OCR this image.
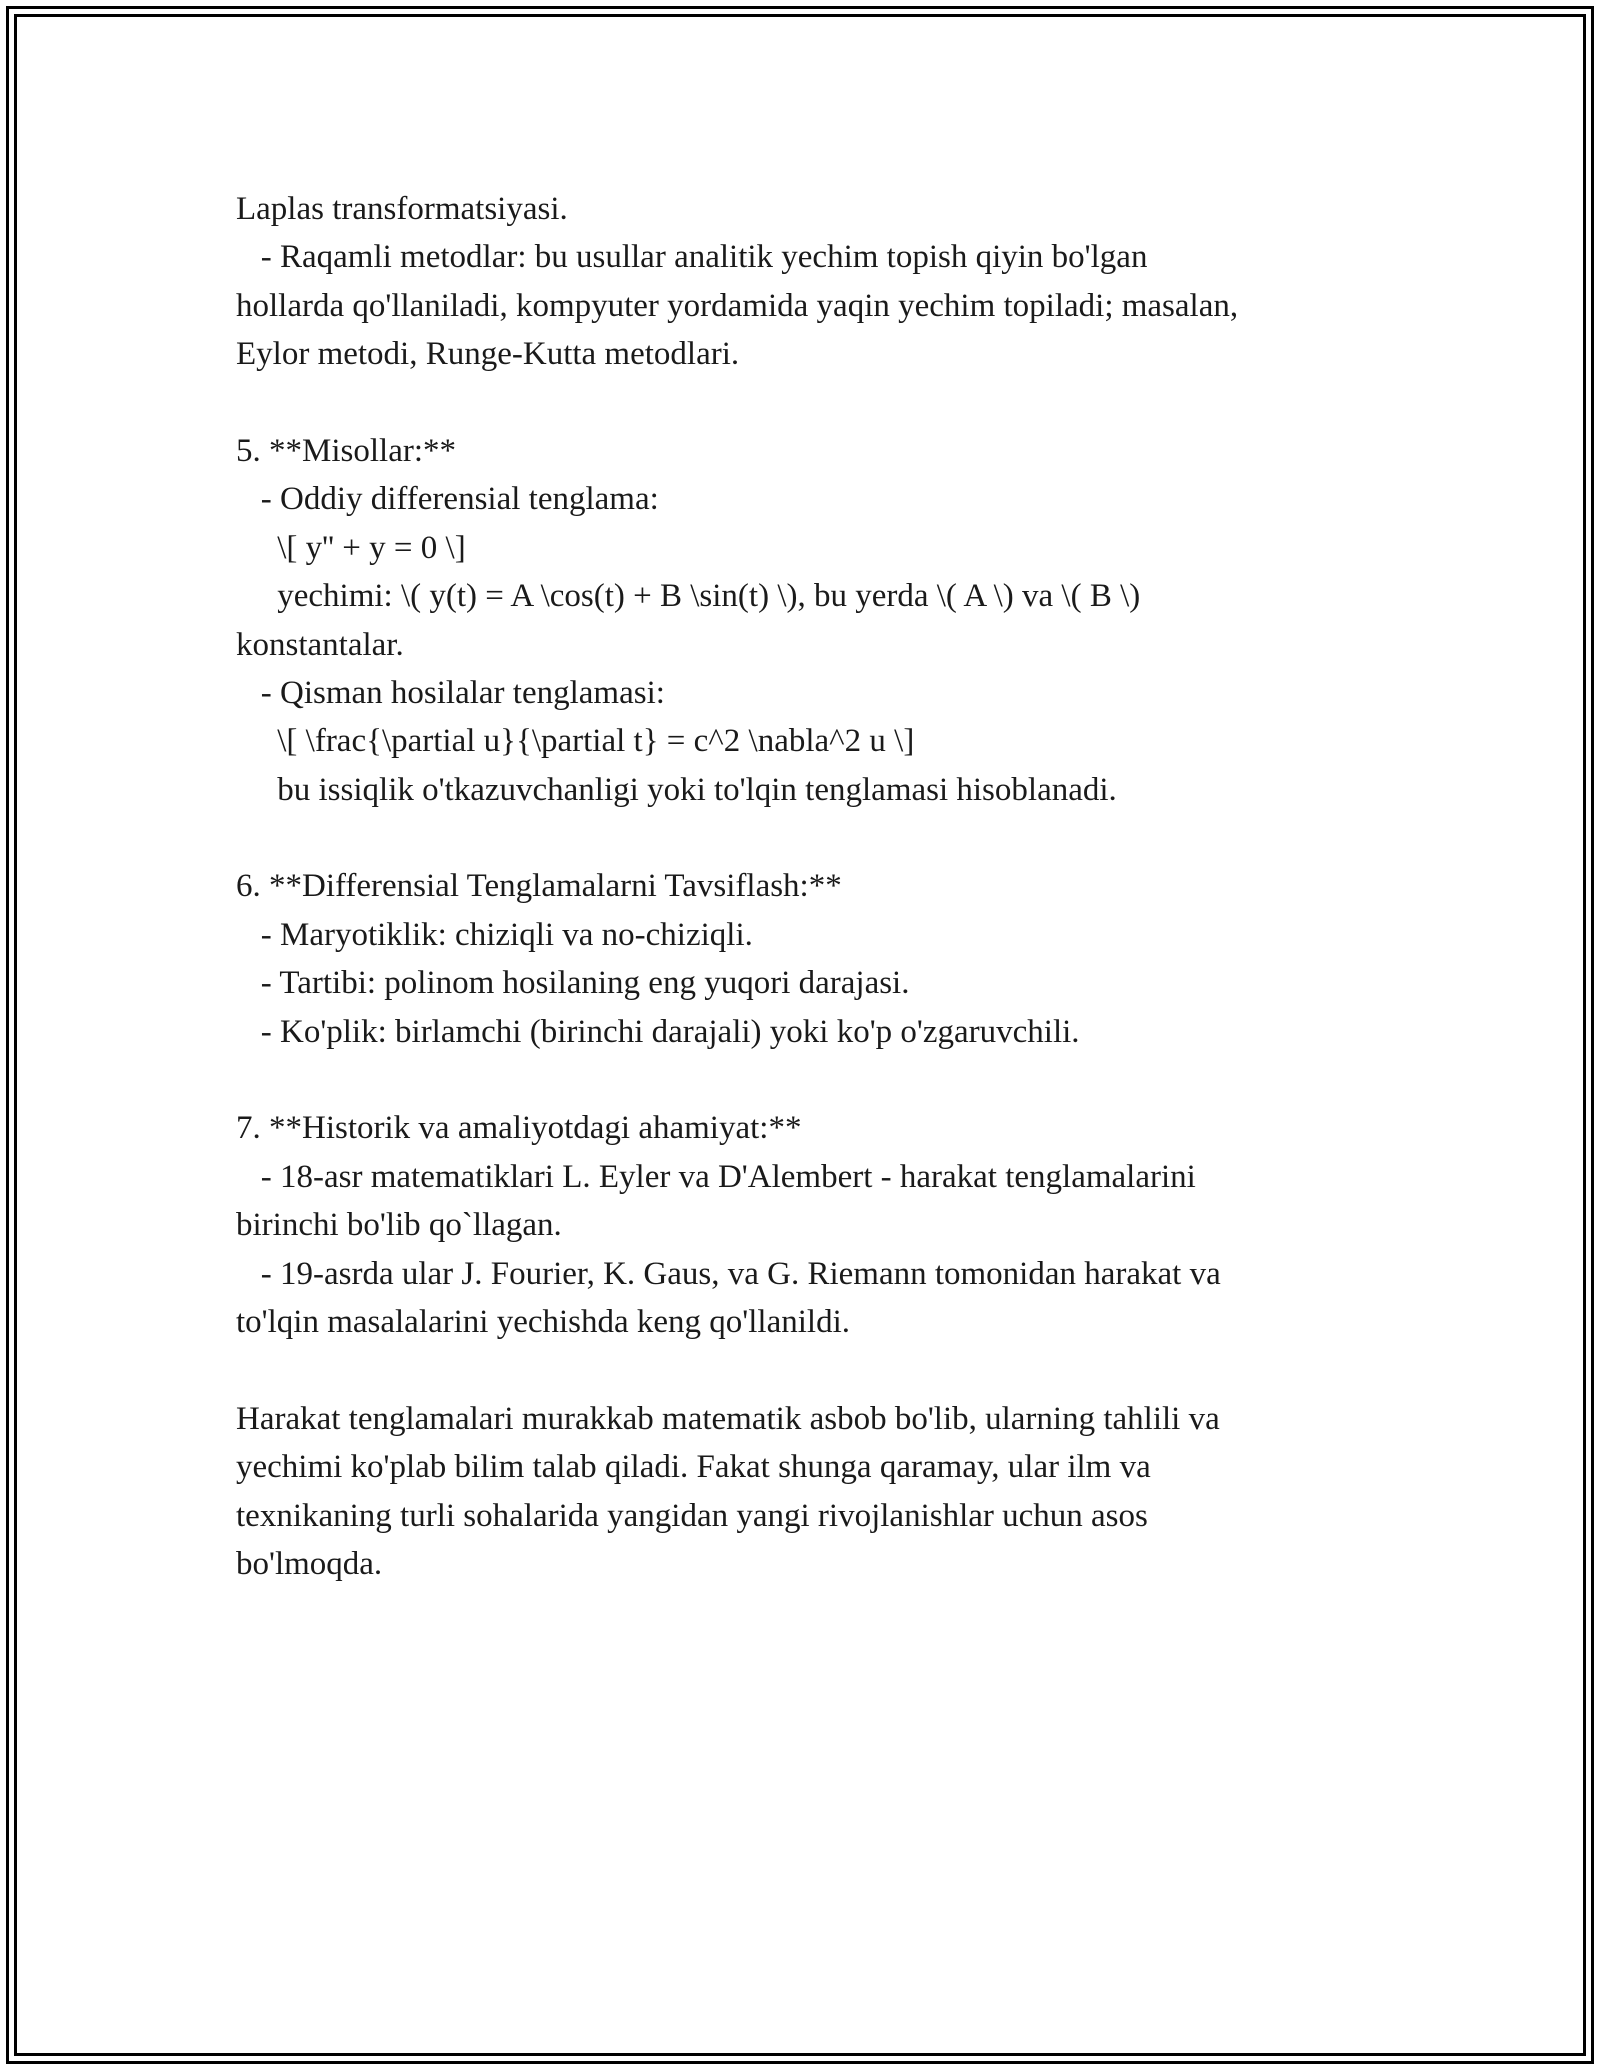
Laplas transformatsiyasi.
- Raqamli metodlar: bu usullar analitik yechim topish qiyin bo'lgan
hollarda qo'llaniladi, kompyuter yordamida yaqin yechim topiladi; masalan,
Eylor metodi, Runge-Kutta metodlari.
5. **Misollar:**
- Oddiy differensial tenglama:
\[ y'' + y = 0 \]
yechimi: \( y(t) = A \cos(t) + B \sin(t) \), bu yerda \( A \) va \( B \)
konstantalar.
- Qisman hosilalar tenglamasi:
\[ \frac{\partial u}{\partial t} = c^2 \nabla^2 u \]
bu issiqlik o'tkazuvchanligi yoki to'lqin tenglamasi hisoblanadi.
6. **Differensial Tenglamalarni Tavsiflash:**
- Maryotiklik: chiziqli va no-chiziqli.
- Tartibi: polinom hosilaning eng yuqori darajasi.
- Ko'plik: birlamchi (birinchi darajali) yoki ko'p o'zgaruvchili.
7. **Historik va amaliyotdagi ahamiyat:**
- 18-asr matematiklari L. Eyler va D'Alembert - harakat tenglamalarini
birinchi bo'lib qo`llagan.
- 19-asrda ular J. Fourier, K. Gaus, va G. Riemann tomonidan harakat va
to'lqin masalalarini yechishda keng qo'llanildi.
Harakat tenglamalari murakkab matematik asbob bo'lib, ularning tahlili va
yechimi ko'plab bilim talab qiladi. Fakat shunga qaramay, ular ilm va
texnikaning turli sohalarida yangidan yangi rivojlanishlar uchun asos
bo'lmoqda.
